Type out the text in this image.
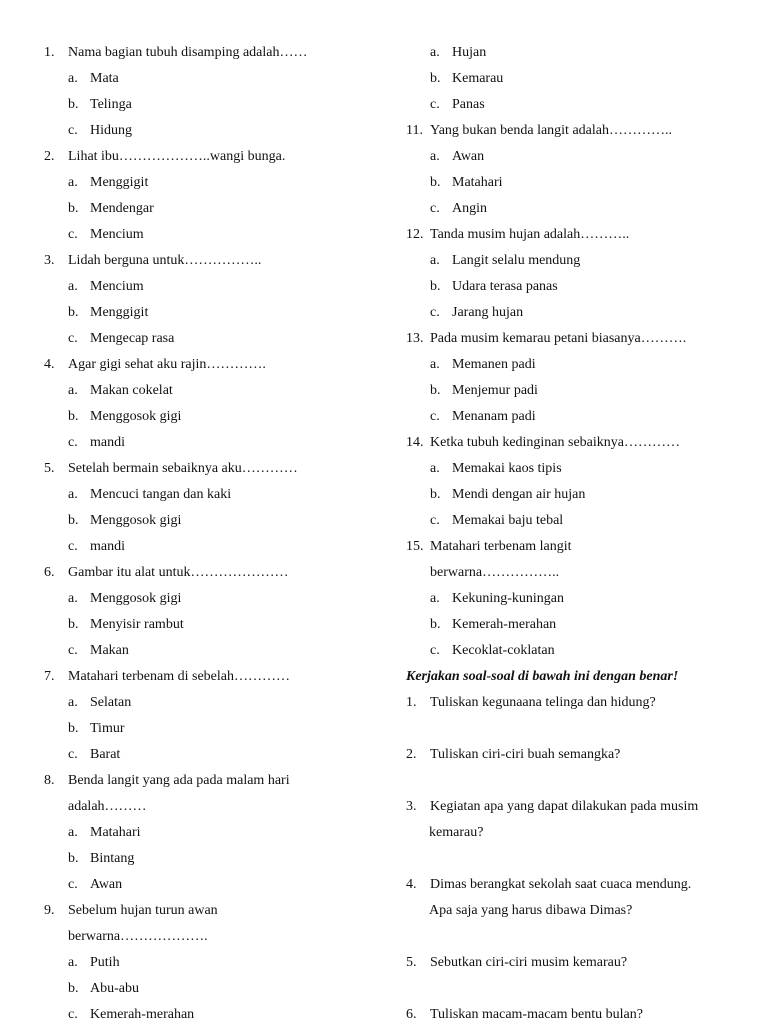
1. Nama bagian tubuh disamping adalah……
a. Mata
b. Telinga
c. Hidung
2. Lihat ibu………………..wangi bunga.
a. Menggigit
b. Mendengar
c. Mencium
3. Lidah berguna untuk……………..
a. Mencium
b. Menggigit
c. Mengecap rasa
4. Agar gigi sehat aku rajin………….
a. Makan cokelat
b. Menggosok gigi
c. mandi
5. Setelah bermain sebaiknya aku…………
a. Mencuci tangan dan kaki
b. Menggosok gigi
c. mandi
6. Gambar itu alat untuk…………………
a. Menggosok gigi
b. Menyisir rambut
c. Makan
7. Matahari terbenam di sebelah…………
a. Selatan
b. Timur
c. Barat
8. Benda langit yang ada pada malam hari
adalah………
a. Matahari
b. Bintang
c. Awan
9. Sebelum hujan turun awan
berwarna……………….
a. Putih
b. Abu-abu
c. Kemerah-merahan
a. Hujan
b. Kemarau
c. Panas
11. Yang bukan benda langit adalah…………..
a. Awan
b. Matahari
c. Angin
12. Tanda musim hujan adalah………..
a. Langit selalu mendung
b. Udara terasa panas
c. Jarang hujan
13. Pada musim kemarau petani biasanya……….
a. Memanen padi
b. Menjemur padi
c. Menanam padi
14. Ketka tubuh kedinginan sebaiknya…………
a. Memakai kaos tipis
b. Mendi dengan air hujan
c. Memakai baju tebal
15. Matahari terbenam langit
berwarna……………..
a. Kekuning-kuningan
b. Kemerah-merahan
c. Kecoklat-coklatan
Kerjakan soal-soal di bawah ini dengan benar!
1. Tuliskan kegunaana telinga dan hidung?
2. Tuliskan ciri-ciri buah semangka?
3. Kegiatan apa yang dapat dilakukan pada musim
kemarau?
4. Dimas berangkat sekolah saat cuaca mendung.
Apa saja yang harus dibawa Dimas?
5. Sebutkan ciri-ciri musim kemarau?
6. Tuliskan macam-macam bentu bulan?
